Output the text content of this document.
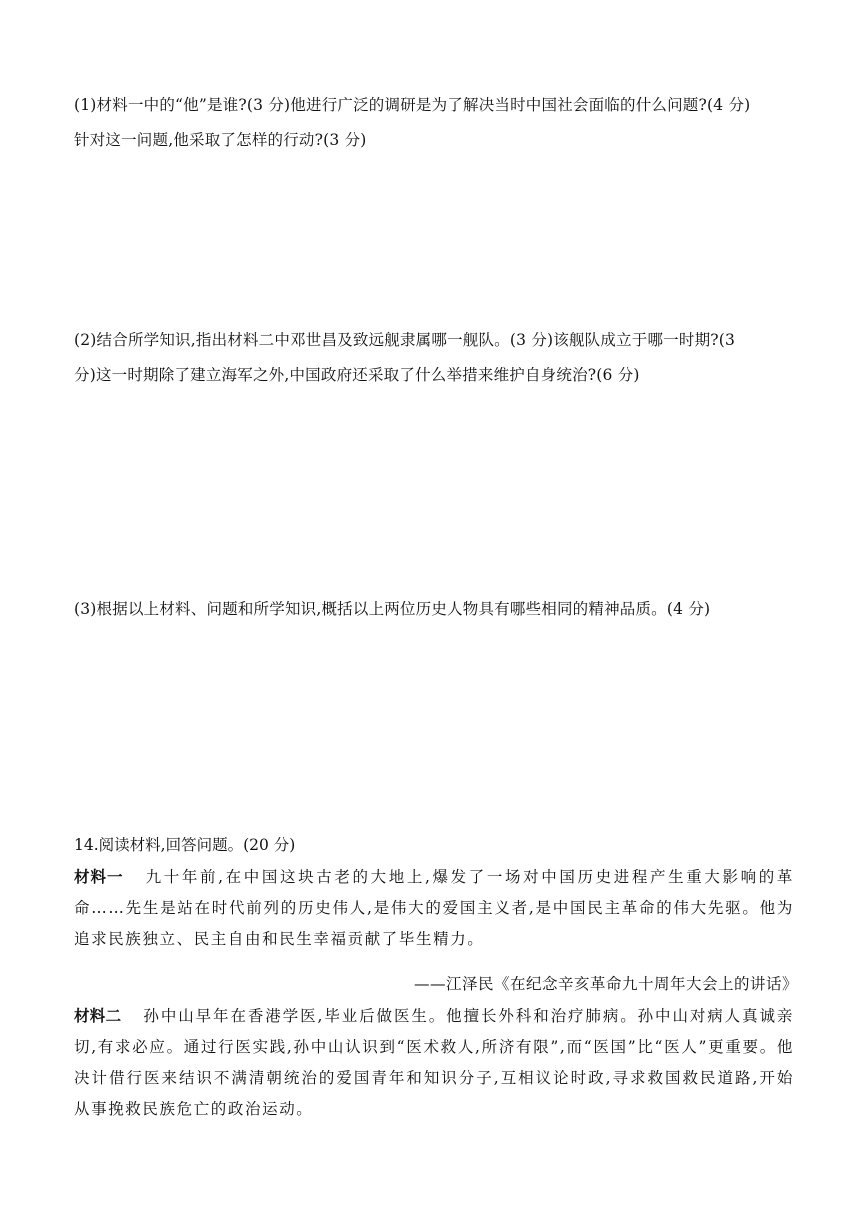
(1)材料一中的“他”是谁?(3 分)他进行广泛的调研是为了解决当时中国社会面临的什么问题?(4 分)

针对这一问题,他采取了怎样的行动?(3 分)

(2)结合所学知识,指出材料二中邓世昌及致远舰隶属哪一舰队。(3 分)该舰队成立于哪一时期?(3

分)这一时期除了建立海军之外,中国政府还采取了什么举措来维护自身统治?(6 分)

(3)根据以上材料、问题和所学知识,概括以上两位历史人物具有哪些相同的精神品质。(4 分)

14.阅读材料,回答问题。(20 分)
材料一 九十年前,在中国这块古老的大地上,爆发了一场对中国历史进程产生重大影响的革命……先生是站在时代前列的历史伟人,是伟大的爱国主义者,是中国民主革命的伟大先驱。他为追求民族独立、民主自由和民生幸福贡献了毕生精力。
——江泽民《在纪念辛亥革命九十周年大会上的讲话》
材料二 孙中山早年在香港学医,毕业后做医生。他擅长外科和治疗肺病。孙中山对病人真诚亲切,有求必应。通过行医实践,孙中山认识到“医术救人,所济有限”,而“医国”比“医人”更重要。他决计借行医来结识不满清朝统治的爱国青年和知识分子,互相议论时政,寻求救国救民道路,开始从事挽救民族危亡的政治运动。
